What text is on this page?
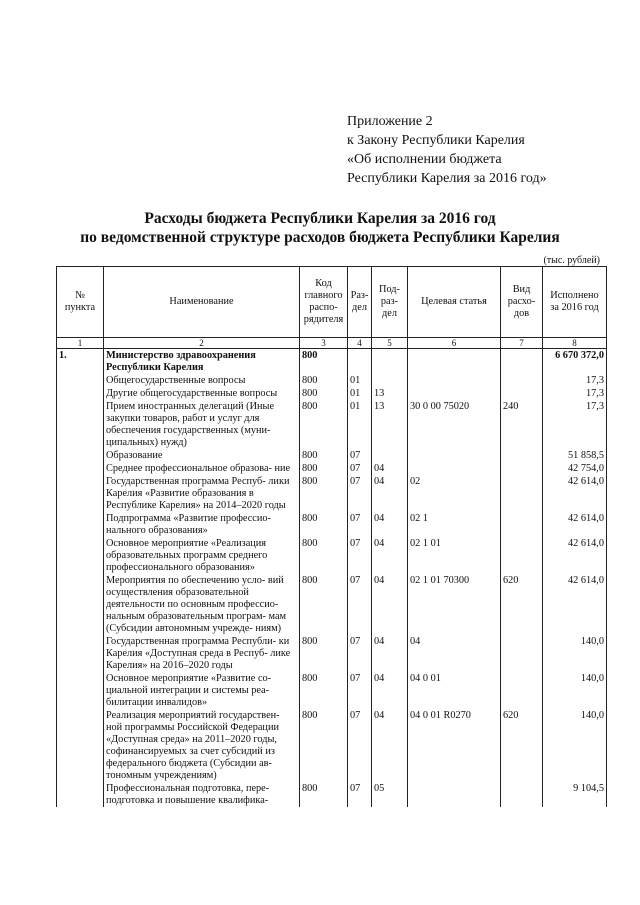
Приложение 2
к Закону Республики Карелия
«Об исполнении бюджета
Республики Карелия за 2016 год»
Расходы бюджета Республики Карелия за 2016 год
по ведомственной структуре расходов бюджета Республики Карелия
(тыс. рублей)
№ пункта	Наименование	Код главного распо- рядителя	Раз- дел	Под- раз- дел	Целевая статья	Вид расхо- дов	Исполнено за 2016 год
1	2	3	4	5	6	7	8
1.	Министерство здравоохранения Республики Карелия	800					6 670 372,0
	Общегосударственные вопросы	800	01				17,3
	Другие общегосударственные вопросы	800	01	13			17,3
	Прием иностранных делегаций (Иные закупки товаров, работ и услуг для обеспечения государственных (муни- ципальных) нужд)	800	01	13	30 0 00 75020	240	17,3
	Образование	800	07				51 858,5
	Среднее профессиональное образова- ние	800	07	04			42 754,0
	Государственная программа Респуб- лики Карелия «Развитие образования в Республике Карелия» на 2014–2020 годы	800	07	04	02		42 614,0
	Подпрограмма «Развитие профессио- нального образования»	800	07	04	02 1		42 614,0
	Основное мероприятие «Реализация образовательных программ среднего профессионального образования»	800	07	04	02 1 01		42 614,0
	Мероприятия по обеспечению усло- вий осуществления образовательной деятельности по основным профессио- нальным образовательным програм- мам (Субсидии автономным учрежде- ниям)	800	07	04	02 1 01 70300	620	42 614,0
	Государственная программа Республи- ки Карелия «Доступная среда в Респуб- лике Карелия» на 2016–2020 годы	800	07	04	04		140,0
	Основное мероприятие «Развитие со- циальной интеграции и системы реа- билитации инвалидов»	800	07	04	04 0 01		140,0
	Реализация мероприятий государствен- ной программы Российской Федерации «Доступная среда» на 2011–2020 годы, софинансируемых за счет субсидий из федерального бюджета (Субсидии ав- тономным учреждениям)	800	07	04	04 0 01 R0270	620	140,0
	Профессиональная подготовка, пере- подготовка и повышение квалифика-	800	07	05			9 104,5
